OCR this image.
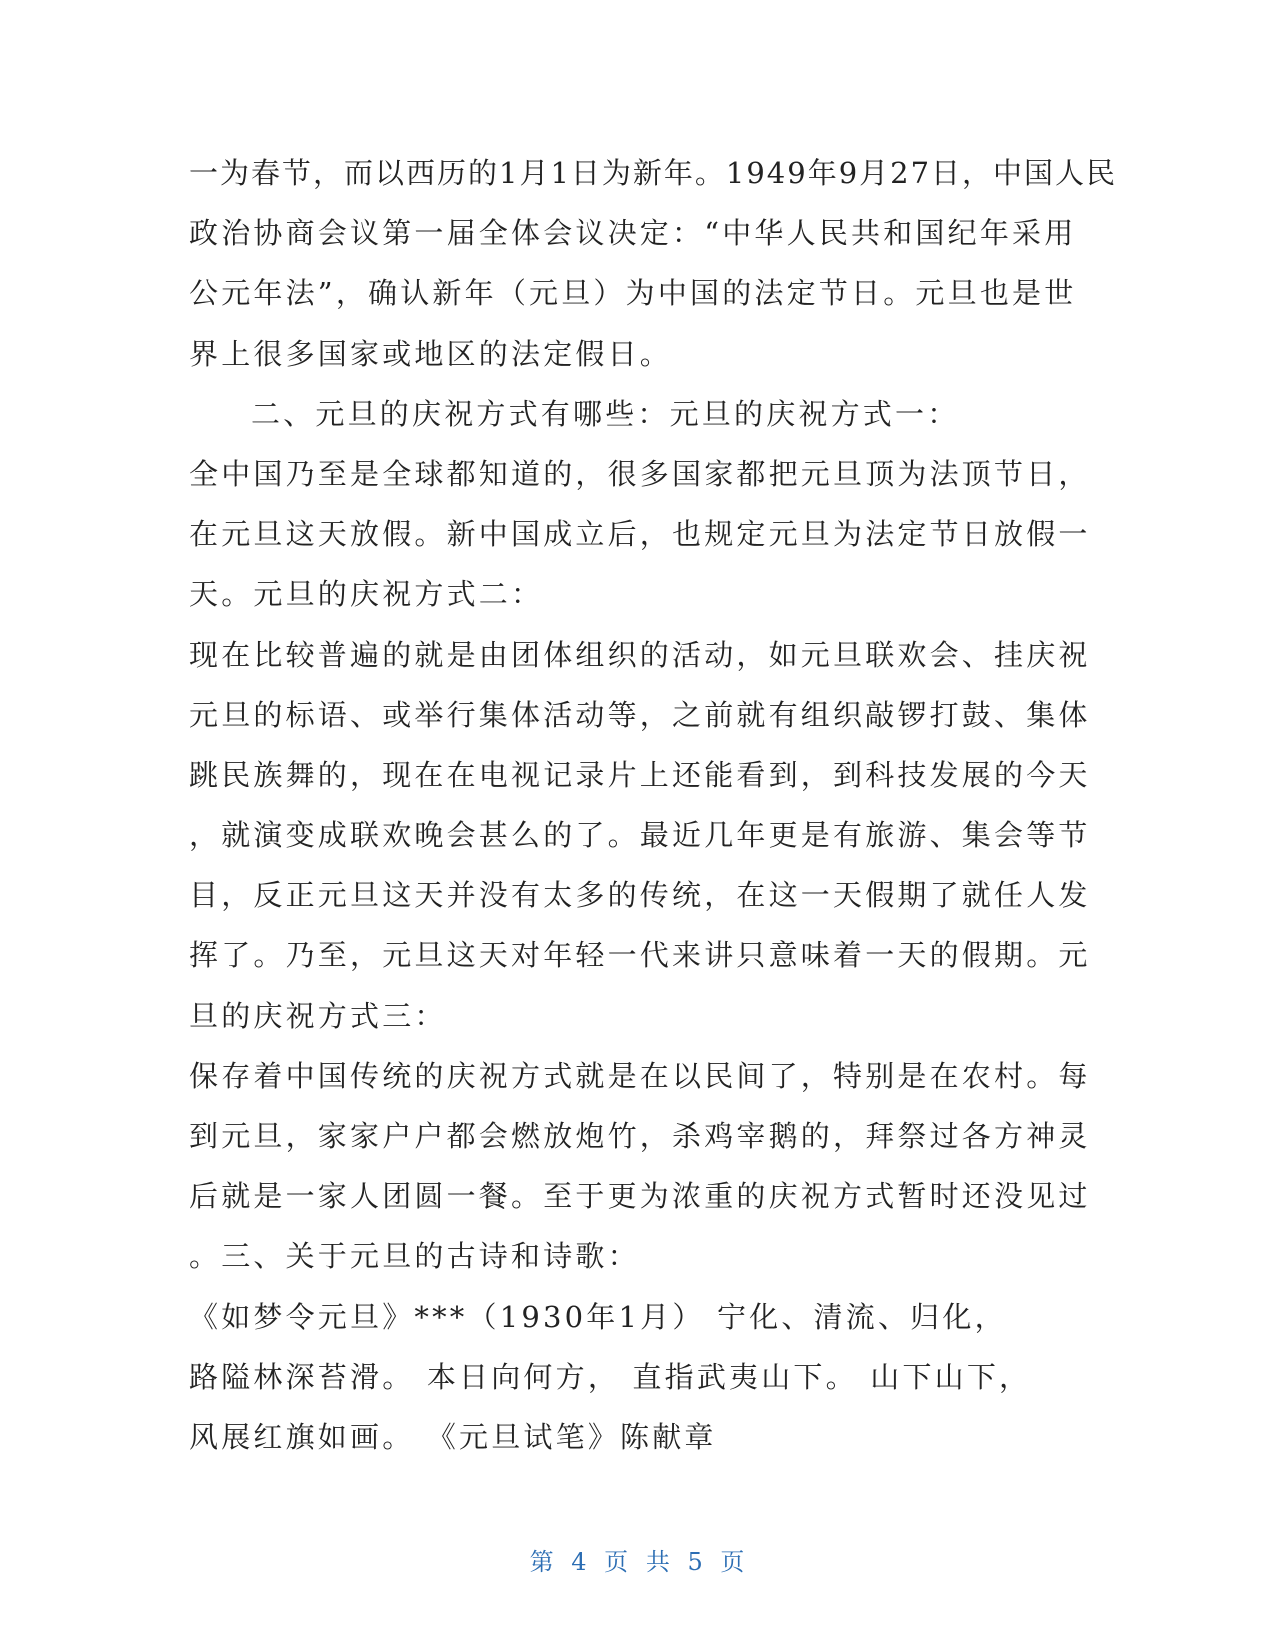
一为春节，而以西历的1月1日为新年。1949年9月27日，中国人民
政治协商会议第一届全体会议决定：“中华人民共和国纪年采用
公元年法”，确认新年（元旦）为中国的法定节日。元旦也是世
界上很多国家或地区的法定假日。
二、元旦的庆祝方式有哪些：元旦的庆祝方式一：
全中国乃至是全球都知道的，很多国家都把元旦顶为法顶节日，
在元旦这天放假。新中国成立后，也规定元旦为法定节日放假一
天。元旦的庆祝方式二：
现在比较普遍的就是由团体组织的活动，如元旦联欢会、挂庆祝
元旦的标语、或举行集体活动等，之前就有组织敲锣打鼓、集体
跳民族舞的，现在在电视记录片上还能看到，到科技发展的今天
，就演变成联欢晚会甚么的了。最近几年更是有旅游、集会等节
目，反正元旦这天并没有太多的传统，在这一天假期了就任人发
挥了。乃至，元旦这天对年轻一代来讲只意味着一天的假期。元
旦的庆祝方式三：
保存着中国传统的庆祝方式就是在以民间了，特别是在农村。每
到元旦，家家户户都会燃放炮竹，杀鸡宰鹅的，拜祭过各方神灵
后就是一家人团圆一餐。至于更为浓重的庆祝方式暂时还没见过
。三、关于元旦的古诗和诗歌：
《如梦令元旦》***（1930年1月） 宁化、清流、归化，
路隘林深苔滑。 本日向何方， 直指武夷山下。 山下山下，
风展红旗如画。 《元旦试笔》陈献章
第 4 页 共 5 页
